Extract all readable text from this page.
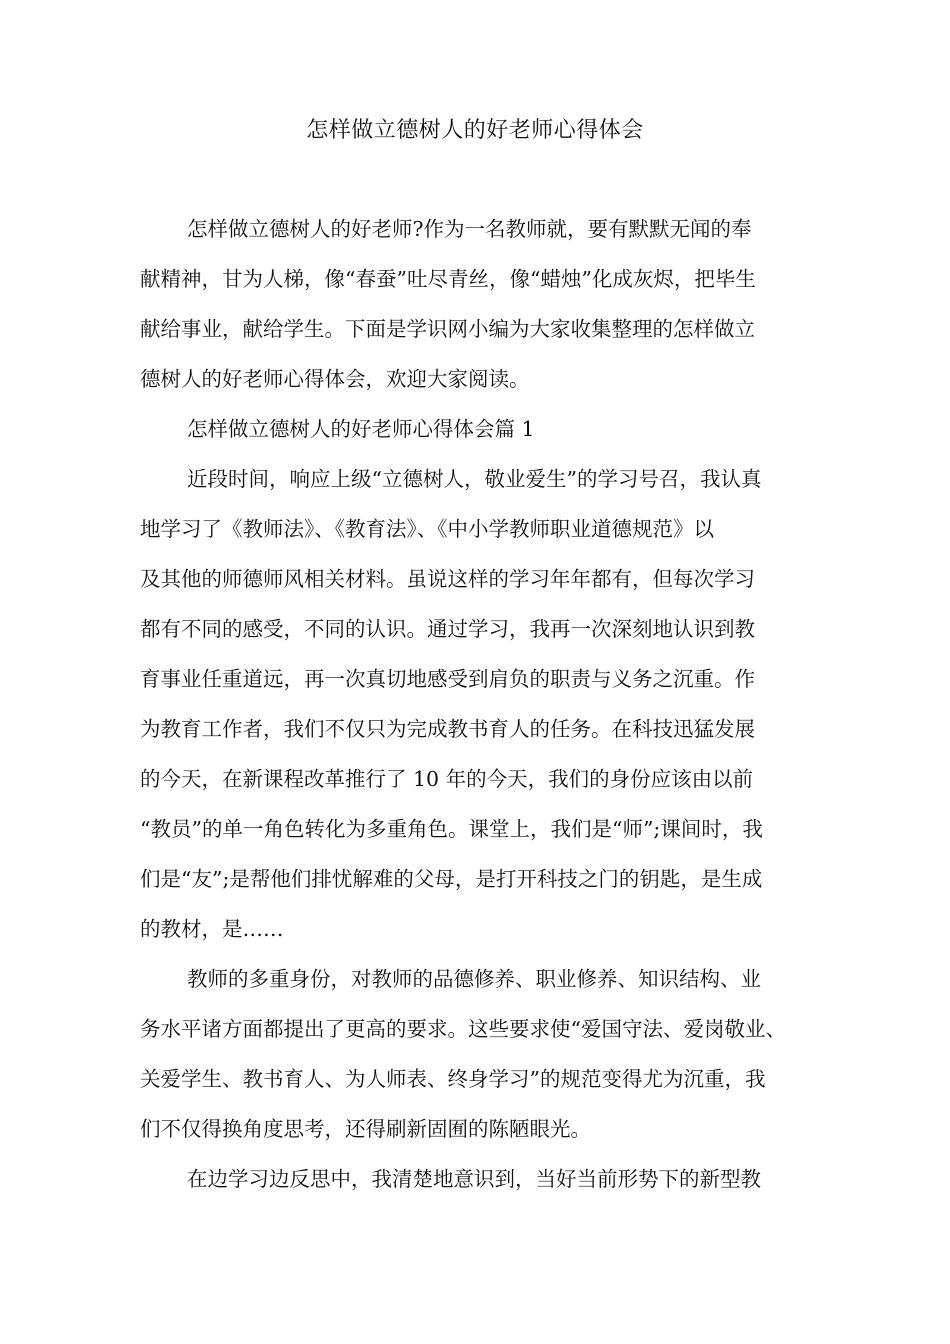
怎样做立德树人的好老师心得体会
怎样做立德树人的好老师?作为一名教师就，要有默默无闻的奉
献精神，甘为人梯，像“春蚕”吐尽青丝，像“蜡烛”化成灰烬，把毕生
献给事业，献给学生。下面是学识网小编为大家收集整理的怎样做立
德树人的好老师心得体会，欢迎大家阅读。
怎样做立德树人的好老师心得体会篇 1
近段时间，响应上级“立德树人，敬业爱生”的学习号召，我认真
地学习了《教师法》、《教育法》、《中小学教师职业道德规范》以
及其他的师德师风相关材料。虽说这样的学习年年都有，但每次学习
都有不同的感受，不同的认识。通过学习，我再一次深刻地认识到教
育事业任重道远，再一次真切地感受到肩负的职责与义务之沉重。作
为教育工作者，我们不仅只为完成教书育人的任务。在科技迅猛发展
的今天，在新课程改革推行了 10 年的今天，我们的身份应该由以前
“教员”的单一角色转化为多重角色。课堂上，我们是“师”;课间时，我
们是“友”;是帮他们排忧解难的父母，是打开科技之门的钥匙，是生成
的教材，是……
教师的多重身份，对教师的品德修养、职业修养、知识结构、业
务水平诸方面都提出了更高的要求。这些要求使“爱国守法、爱岗敬业、
关爱学生、教书育人、为人师表、终身学习”的规范变得尤为沉重，我
们不仅得换角度思考，还得刷新固囿的陈陋眼光。
在边学习边反思中，我清楚地意识到，当好当前形势下的新型教
